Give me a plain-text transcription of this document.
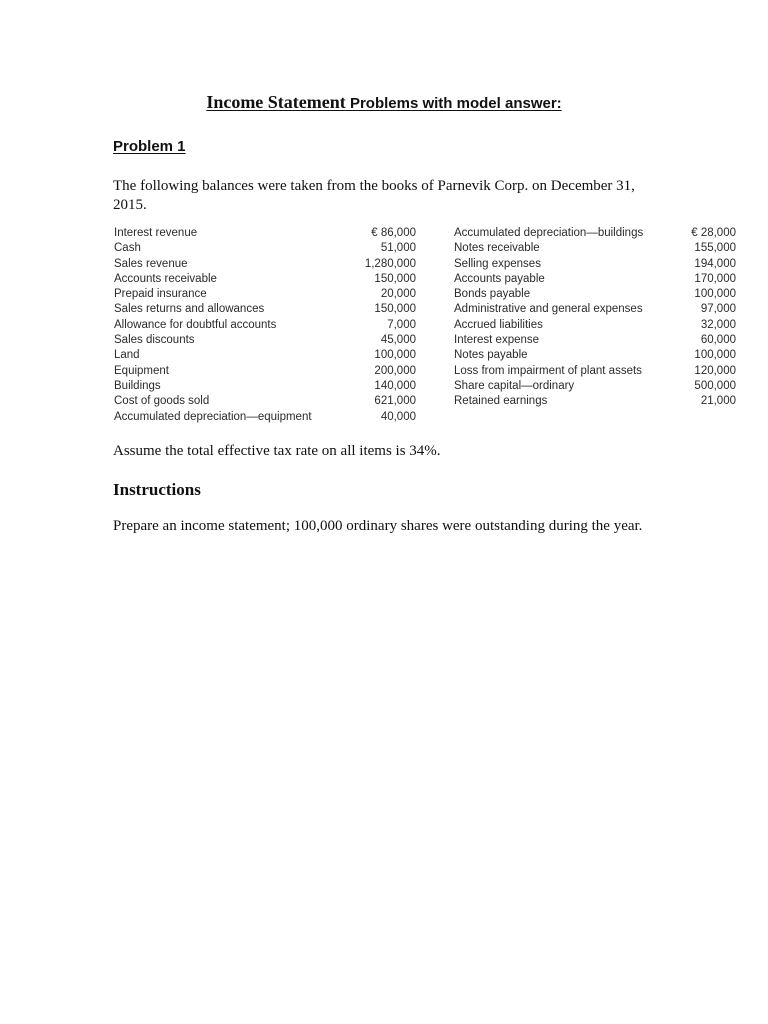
Income Statement Problems with model answer:
Problem 1
The following balances were taken from the books of Parnevik Corp. on December 31, 2015.
Interest revenue
Cash
Sales revenue
Accounts receivable
Prepaid insurance
Sales returns and allowances
Allowance for doubtful accounts
Sales discounts
Land
Equipment
Buildings
Cost of goods sold
Accumulated depreciation—equipment
€ 86,000
51,000
1,280,000
150,000
20,000
150,000
7,000
45,000
100,000
200,000
140,000
621,000
40,000
Accumulated depreciation—buildings
Notes receivable
Selling expenses
Accounts payable
Bonds payable
Administrative and general expenses
Accrued liabilities
Interest expense
Notes payable
Loss from impairment of plant assets
Share capital—ordinary
Retained earnings
€ 28,000
155,000
194,000
170,000
100,000
97,000
32,000
60,000
100,000
120,000
500,000
21,000
Assume the total effective tax rate on all items is 34%.
Instructions
Prepare an income statement; 100,000 ordinary shares were outstanding during the year.
